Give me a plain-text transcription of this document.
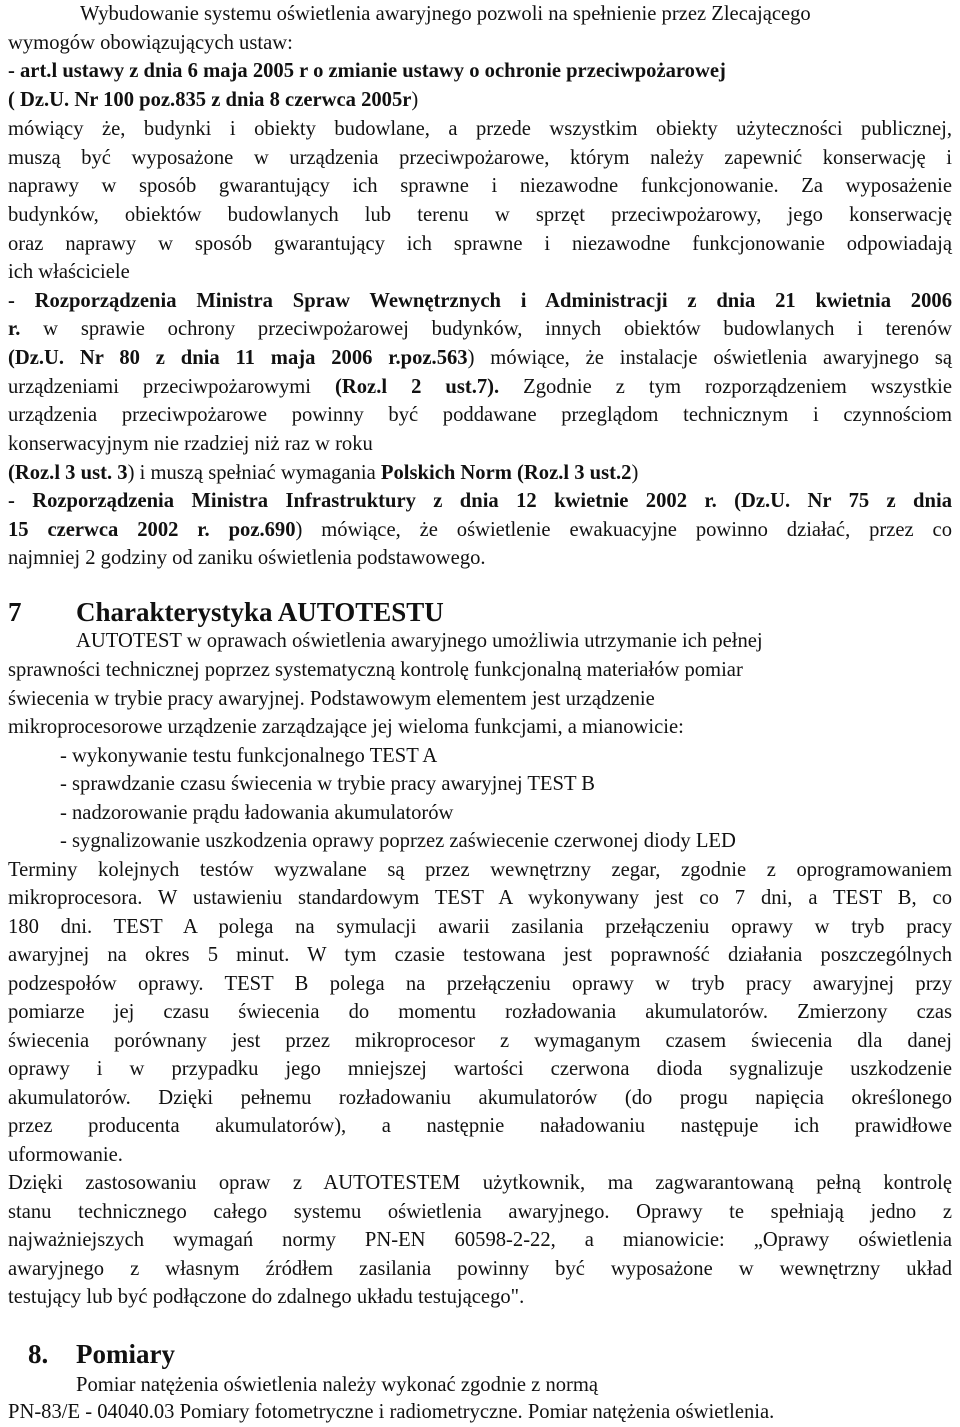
Wybudowanie systemu oświetlenia awaryjnego pozwoli na spełnienie przez Zlecającego

wymogów obowiązujących ustaw:

- art.l ustawy z dnia 6 maja 2005 r o zmianie ustawy o ochronie przeciwpożarowej

( Dz.U. Nr 100 poz.835 z dnia 8 czerwca 2005r)

mówiący że, budynki i obiekty budowlane, a przede wszystkim obiekty użyteczności publicznej,

muszą być wyposażone w urządzenia przeciwpożarowe, którym należy zapewnić konserwację i

naprawy w sposób gwarantujący ich sprawne i niezawodne funkcjonowanie. Za wyposażenie

budynków, obiektów budowlanych lub terenu w sprzęt przeciwpożarowy, jego konserwację

oraz naprawy w sposób gwarantujący ich sprawne i niezawodne funkcjonowanie odpowiadają

ich właściciele

- Rozporządzenia Ministra Spraw Wewnętrznych i Administracji z dnia 21 kwietnia 2006

r. w sprawie ochrony przeciwpożarowej budynków, innych obiektów budowlanych i terenów

(Dz.U. Nr 80 z dnia 11 maja 2006 r.poz.563) mówiące, że instalacje oświetlenia awaryjnego są

urządzeniami przeciwpożarowymi (Roz.l 2 ust.7). Zgodnie z tym rozporządzeniem wszystkie

urządzenia przeciwpożarowe powinny być poddawane przeglądom technicznym i czynnościom

konserwacyjnym nie rzadziej niż raz w roku

(Roz.l 3 ust. 3) i muszą spełniać wymagania Polskich Norm (Roz.l 3 ust.2)

- Rozporządzenia Ministra Infrastruktury z dnia 12 kwietnie 2002 r. (Dz.U. Nr 75 z dnia

15 czerwca 2002 r. poz.690) mówiące, że oświetlenie ewakuacyjne powinno działać, przez co

najmniej 2 godziny od zaniku oświetlenia podstawowego.

7 Charakterystyka AUTOTESTU

AUTOTEST w oprawach oświetlenia awaryjnego umożliwia utrzymanie ich pełnej

sprawności technicznej poprzez systematyczną kontrolę funkcjonalną materiałów pomiar

świecenia w trybie pracy awaryjnej. Podstawowym elementem jest urządzenie

mikroprocesorowe urządzenie zarządzające jej wieloma funkcjami, a mianowicie:

- wykonywanie testu funkcjonalnego TEST A

- sprawdzanie czasu świecenia w trybie pracy awaryjnej TEST B

- nadzorowanie prądu ładowania akumulatorów

- sygnalizowanie uszkodzenia oprawy poprzez zaświecenie czerwonej diody LED

Terminy kolejnych testów wyzwalane są przez wewnętrzny zegar, zgodnie z oprogramowaniem

mikroprocesora. W ustawieniu standardowym TEST A wykonywany jest co 7 dni, a TEST B, co

180 dni. TEST A polega na symulacji awarii zasilania przełączeniu oprawy w tryb pracy

awaryjnej na okres 5 minut. W tym czasie testowana jest poprawność działania poszczególnych

podzespołów oprawy. TEST B polega na przełączeniu oprawy w tryb pracy awaryjnej przy

pomiarze jej czasu świecenia do momentu rozładowania akumulatorów. Zmierzony czas

świecenia porównany jest przez mikroprocesor z wymaganym czasem świecenia dla danej

oprawy i w przypadku jego mniejszej wartości czerwona dioda sygnalizuje uszkodzenie

akumulatorów. Dzięki pełnemu rozładowaniu akumulatorów (do progu napięcia określonego

przez producenta akumulatorów), a następnie naładowaniu następuje ich prawidłowe

uformowanie.

Dzięki zastosowaniu opraw z AUTOTESTEM użytkownik, ma zagwarantowaną pełną kontrolę

stanu technicznego całego systemu oświetlenia awaryjnego. Oprawy te spełniają jedno z

najważniejszych wymagań normy PN-EN 60598-2-22, a mianowicie: „Oprawy oświetlenia

awaryjnego z własnym źródłem zasilania powinny być wyposażone w wewnętrzny układ

testujący lub być podłączone do zdalnego układu testującego".

8. Pomiary

Pomiar natężenia oświetlenia należy wykonać zgodnie z normą

PN-83/E - 04040.03 Pomiary fotometryczne i radiometryczne. Pomiar natężenia oświetlenia.
